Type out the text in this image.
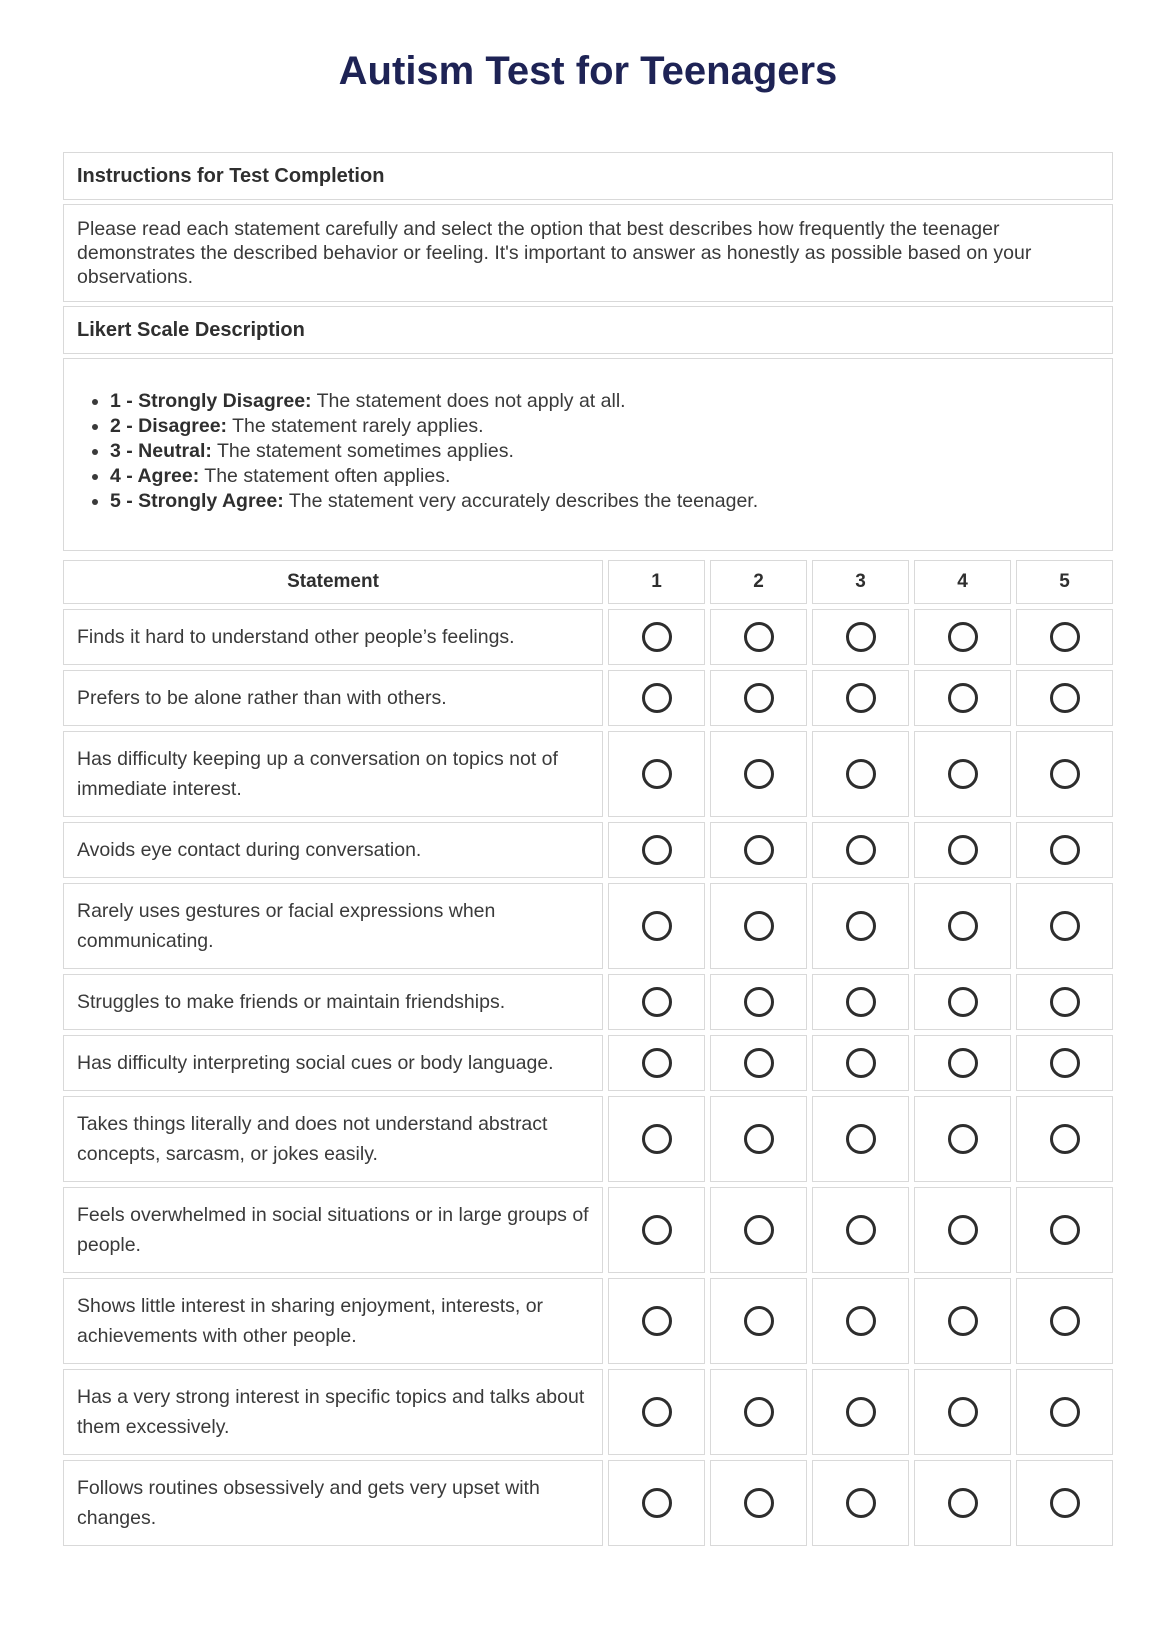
Autism Test for Teenagers
Instructions for Test Completion
Please read each statement carefully and select the option that best describes how frequently the teenager demonstrates the described behavior or feeling. It's important to answer as honestly as possible based on your observations.
Likert Scale Description
• 1 - Strongly Disagree: The statement does not apply at all.
• 2 - Disagree: The statement rarely applies.
• 3 - Neutral: The statement sometimes applies.
• 4 - Agree: The statement often applies.
• 5 - Strongly Agree: The statement very accurately describes the teenager.
Statement	1	2	3	4	5
Finds it hard to understand other people’s feelings.					
Prefers to be alone rather than with others.					
Has difficulty keeping up a conversation on topics not of immediate interest.					
Avoids eye contact during conversation.					
Rarely uses gestures or facial expressions when communicating.					
Struggles to make friends or maintain friendships.					
Has difficulty interpreting social cues or body language.					
Takes things literally and does not understand abstract concepts, sarcasm, or jokes easily.					
Feels overwhelmed in social situations or in large groups of people.					
Shows little interest in sharing enjoyment, interests, or achievements with other people.					
Has a very strong interest in specific topics and talks about them excessively.					
Follows routines obsessively and gets very upset with changes.					
